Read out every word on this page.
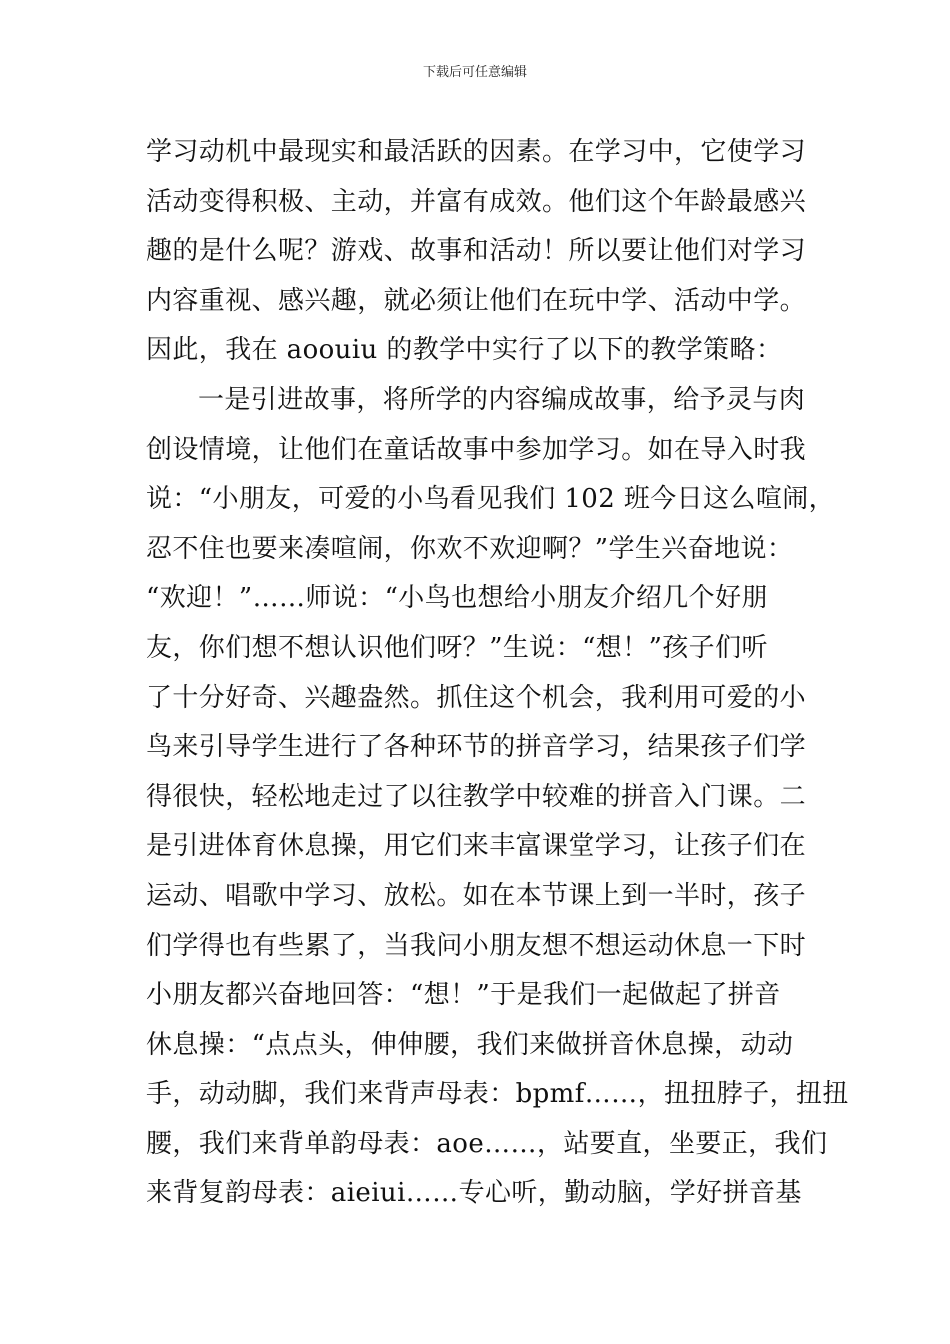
下载后可任意编辑
学习动机中最现实和最活跃的因素。在学习中，它使学习
活动变得积极、主动，并富有成效。他们这个年龄最感兴
趣的是什么呢？游戏、故事和活动！所以要让他们对学习
内容重视、感兴趣，就必须让他们在玩中学、活动中学。
因此，我在 aoouiu 的教学中实行了以下的教学策略：
一是引进故事，将所学的内容编成故事，给予灵与肉
创设情境，让他们在童话故事中参加学习。如在导入时我
说：“小朋友，可爱的小鸟看见我们 102 班今日这么喧闹，
忍不住也要来凑喧闹，你欢不欢迎啊？”学生兴奋地说：
“欢迎！”……师说：“小鸟也想给小朋友介绍几个好朋
友，你们想不想认识他们呀？”生说：“想！”孩子们听
了十分好奇、兴趣盎然。抓住这个机会，我利用可爱的小
鸟来引导学生进行了各种环节的拼音学习，结果孩子们学
得很快，轻松地走过了以往教学中较难的拼音入门课。二
是引进体育休息操，用它们来丰富课堂学习，让孩子们在
运动、唱歌中学习、放松。如在本节课上到一半时，孩子
们学得也有些累了，当我问小朋友想不想运动休息一下时
小朋友都兴奋地回答：“想！”于是我们一起做起了拼音
休息操：“点点头，伸伸腰，我们来做拼音休息操，动动
手，动动脚，我们来背声母表：bpmf……，扭扭脖子，扭扭
腰，我们来背单韵母表：aoe……，站要直，坐要正，我们
来背复韵母表：aieiui……专心听，勤动脑，学好拼音基
